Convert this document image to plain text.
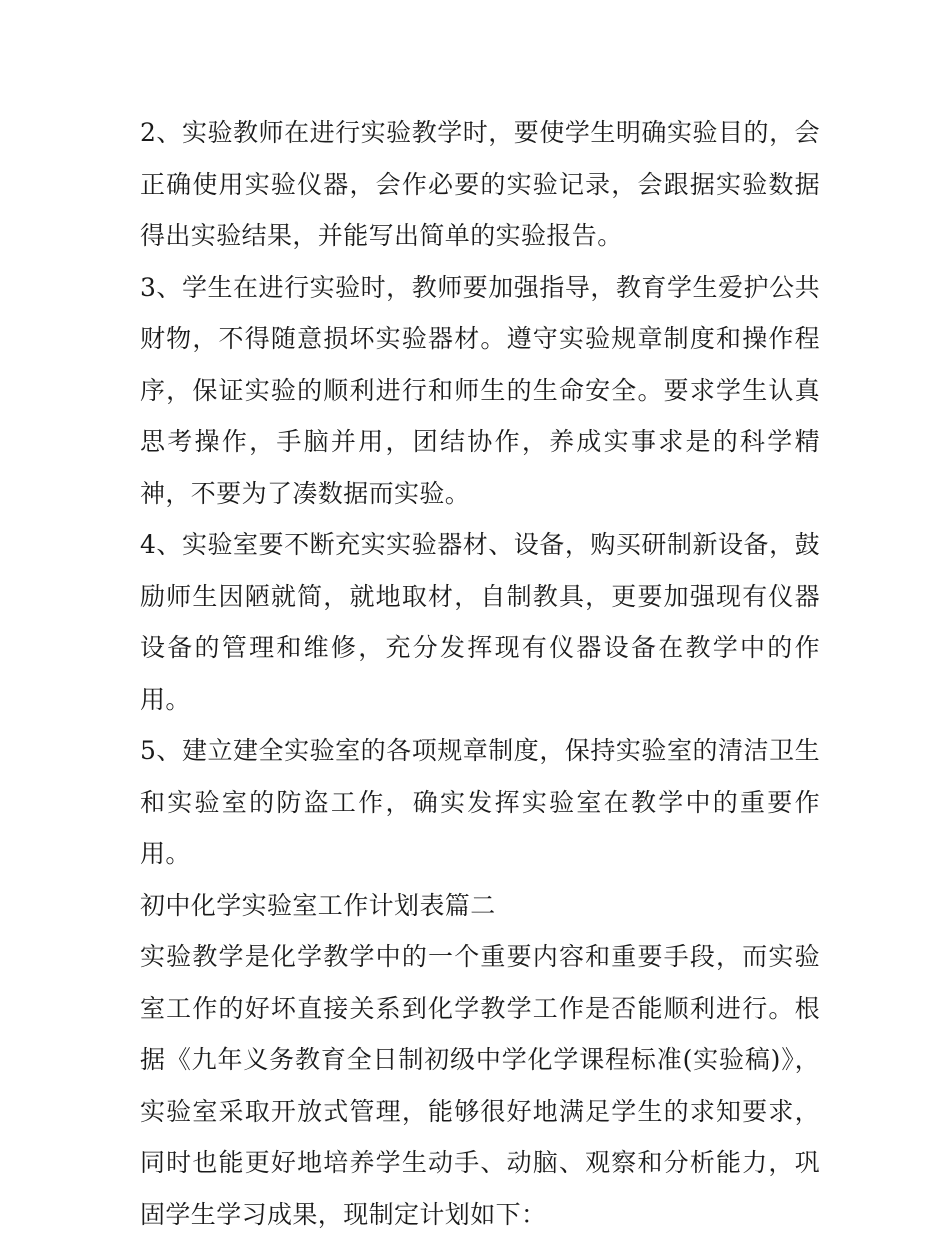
2、实验教师在进行实验教学时，要使学生明确实验目的，会正确使用实验仪器，会作必要的实验记录，会跟据实验数据得出实验结果，并能写出简单的实验报告。

3、学生在进行实验时，教师要加强指导，教育学生爱护公共财物，不得随意损坏实验器材。遵守实验规章制度和操作程序，保证实验的顺利进行和师生的生命安全。要求学生认真思考操作，手脑并用，团结协作，养成实事求是的科学精神，不要为了凑数据而实验。

4、实验室要不断充实实验器材、设备，购买研制新设备，鼓励师生因陋就简，就地取材，自制教具，更要加强现有仪器设备的管理和维修，充分发挥现有仪器设备在教学中的作用。

5、建立建全实验室的各项规章制度，保持实验室的清洁卫生和实验室的防盗工作，确实发挥实验室在教学中的重要作用。

初中化学实验室工作计划表篇二

实验教学是化学教学中的一个重要内容和重要手段，而实验室工作的好坏直接关系到化学教学工作是否能顺利进行。根据《九年义务教育全日制初级中学化学课程标准(实验稿)》，实验室采取开放式管理，能够很好地满足学生的求知要求，同时也能更好地培养学生动手、动脑、观察和分析能力，巩固学生学习成果，现制定计划如下：
